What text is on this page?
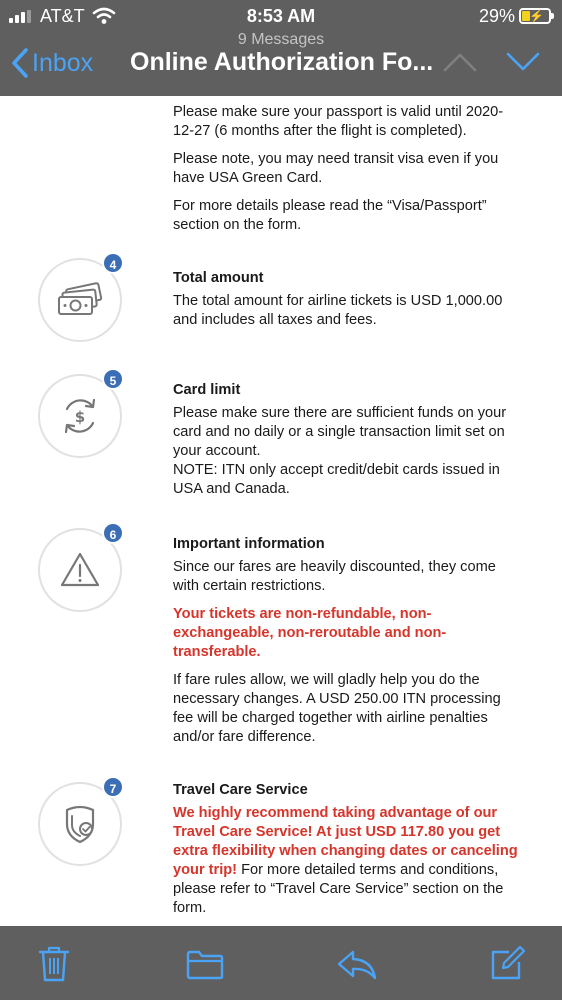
AT&T	8:53 AM	29% ⚡
9 Messages
Inbox Online Authorization Fo...

Please make sure your passport is valid until 2020-12-27 (6 months after the flight is completed).

Please note, you may need transit visa even if you have USA Green Card.

For more details please read the “Visa/Passport” section on the form.

4
Total amount

The total amount for airline tickets is USD 1,000.00 and includes all taxes and fees.

5
$
Card limit
Please make sure there are sufficient funds on your card and no daily or a single transaction limit set on your account.

NOTE: ITN only accept credit/debit cards issued in USA and Canada.

6
Important information

Since our fares are heavily discounted, they come with certain restrictions.

Your tickets are non-refundable, non-exchangeable, non-reroutable and non-transferable.

If fare rules allow, we will gladly help you do the necessary changes. A USD 250.00 ITN processing fee will be charged together with airline penalties and/or fare difference.

7	Travel Care Service

We highly recommend taking advantage of our Travel Care Service! At just USD 117.80 you get extra flexibility when changing dates or canceling your trip! For more detailed terms and conditions, please refer to “Travel Care Service” section on the form.
